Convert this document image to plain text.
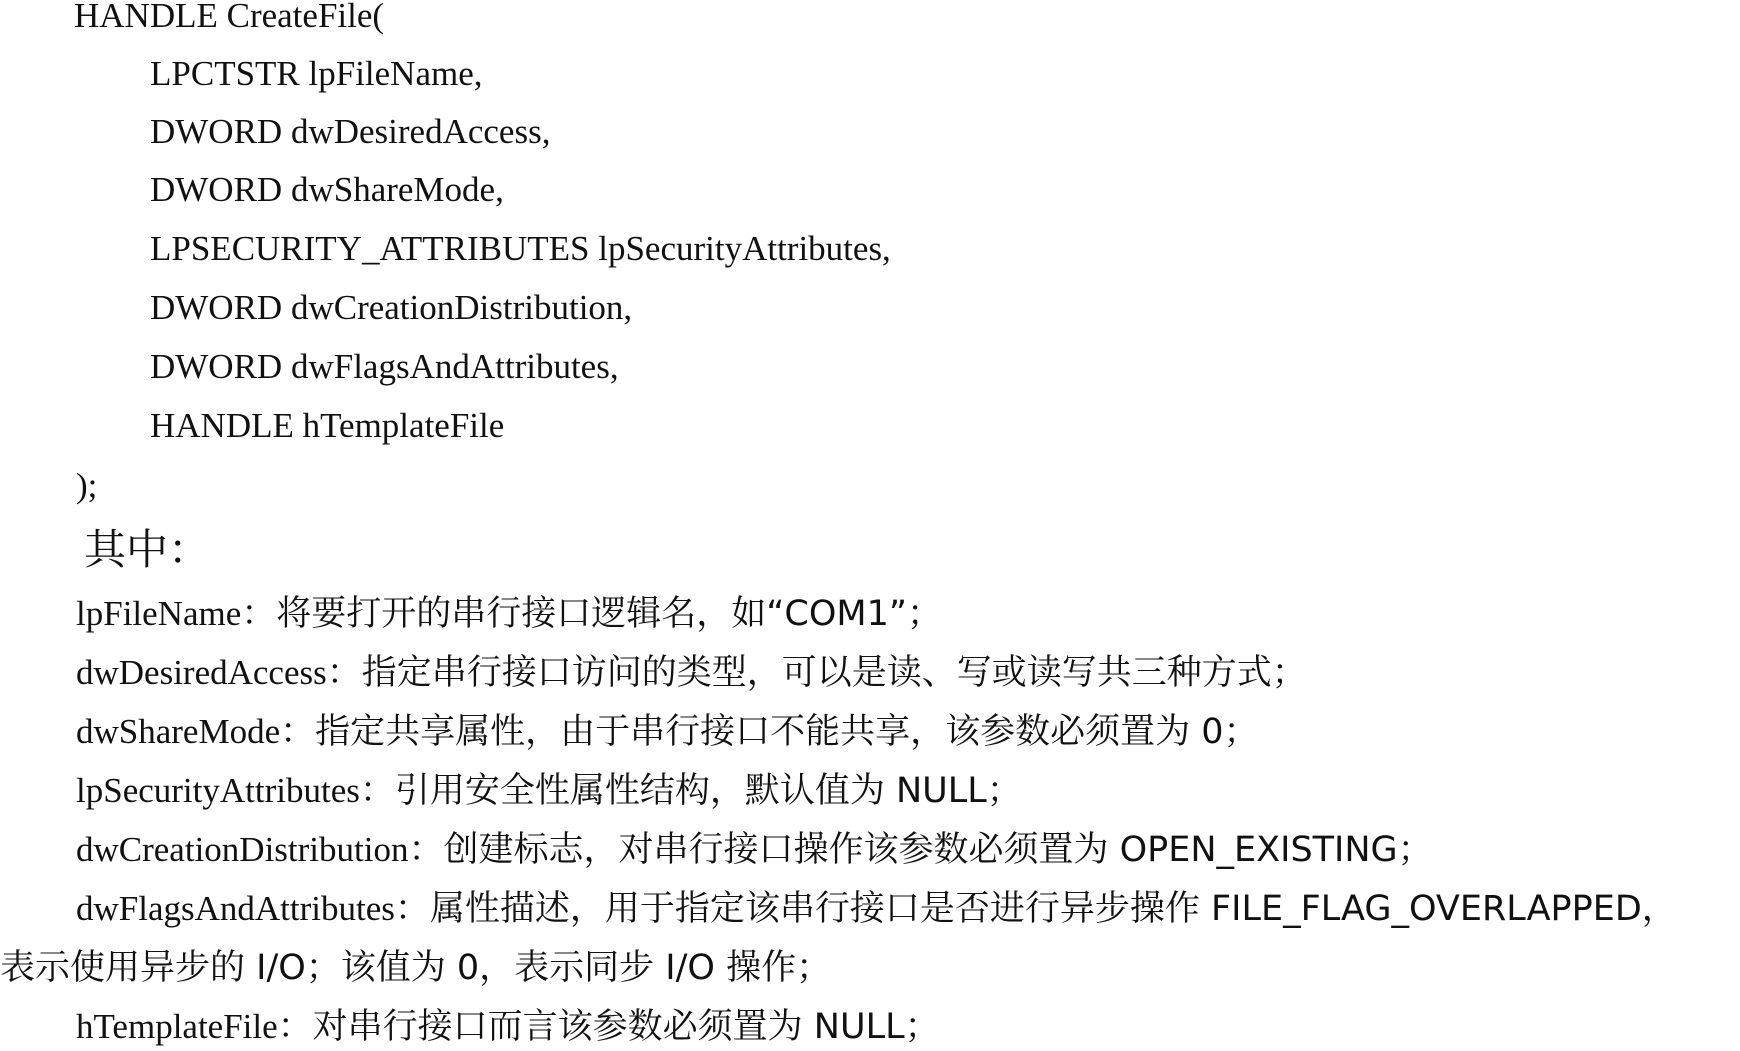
HANDLE CreateFile(
LPCTSTR lpFileName,
DWORD dwDesiredAccess,
DWORD dwShareMode,
LPSECURITY_ATTRIBUTES lpSecurityAttributes,
DWORD dwCreationDistribution,
DWORD dwFlagsAndAttributes,
HANDLE hTemplateFile
);
其中：
lpFileName：将要打开的串行接口逻辑名，如“COM1”；
dwDesiredAccess：指定串行接口访问的类型，可以是读、写或读写共三种方式；
dwShareMode：指定共享属性，由于串行接口不能共享，该参数必须置为 0；
lpSecurityAttributes：引用安全性属性结构，默认值为 NULL；
dwCreationDistribution：创建标志，对串行接口操作该参数必须置为 OPEN_EXISTING；
dwFlagsAndAttributes：属性描述，用于指定该串行接口是否进行异步操作 FILE_FLAG_OVERLAPPED，
表示使用异步的 I/O；该值为 0，表示同步 I/O 操作；
hTemplateFile：对串行接口而言该参数必须置为 NULL；
